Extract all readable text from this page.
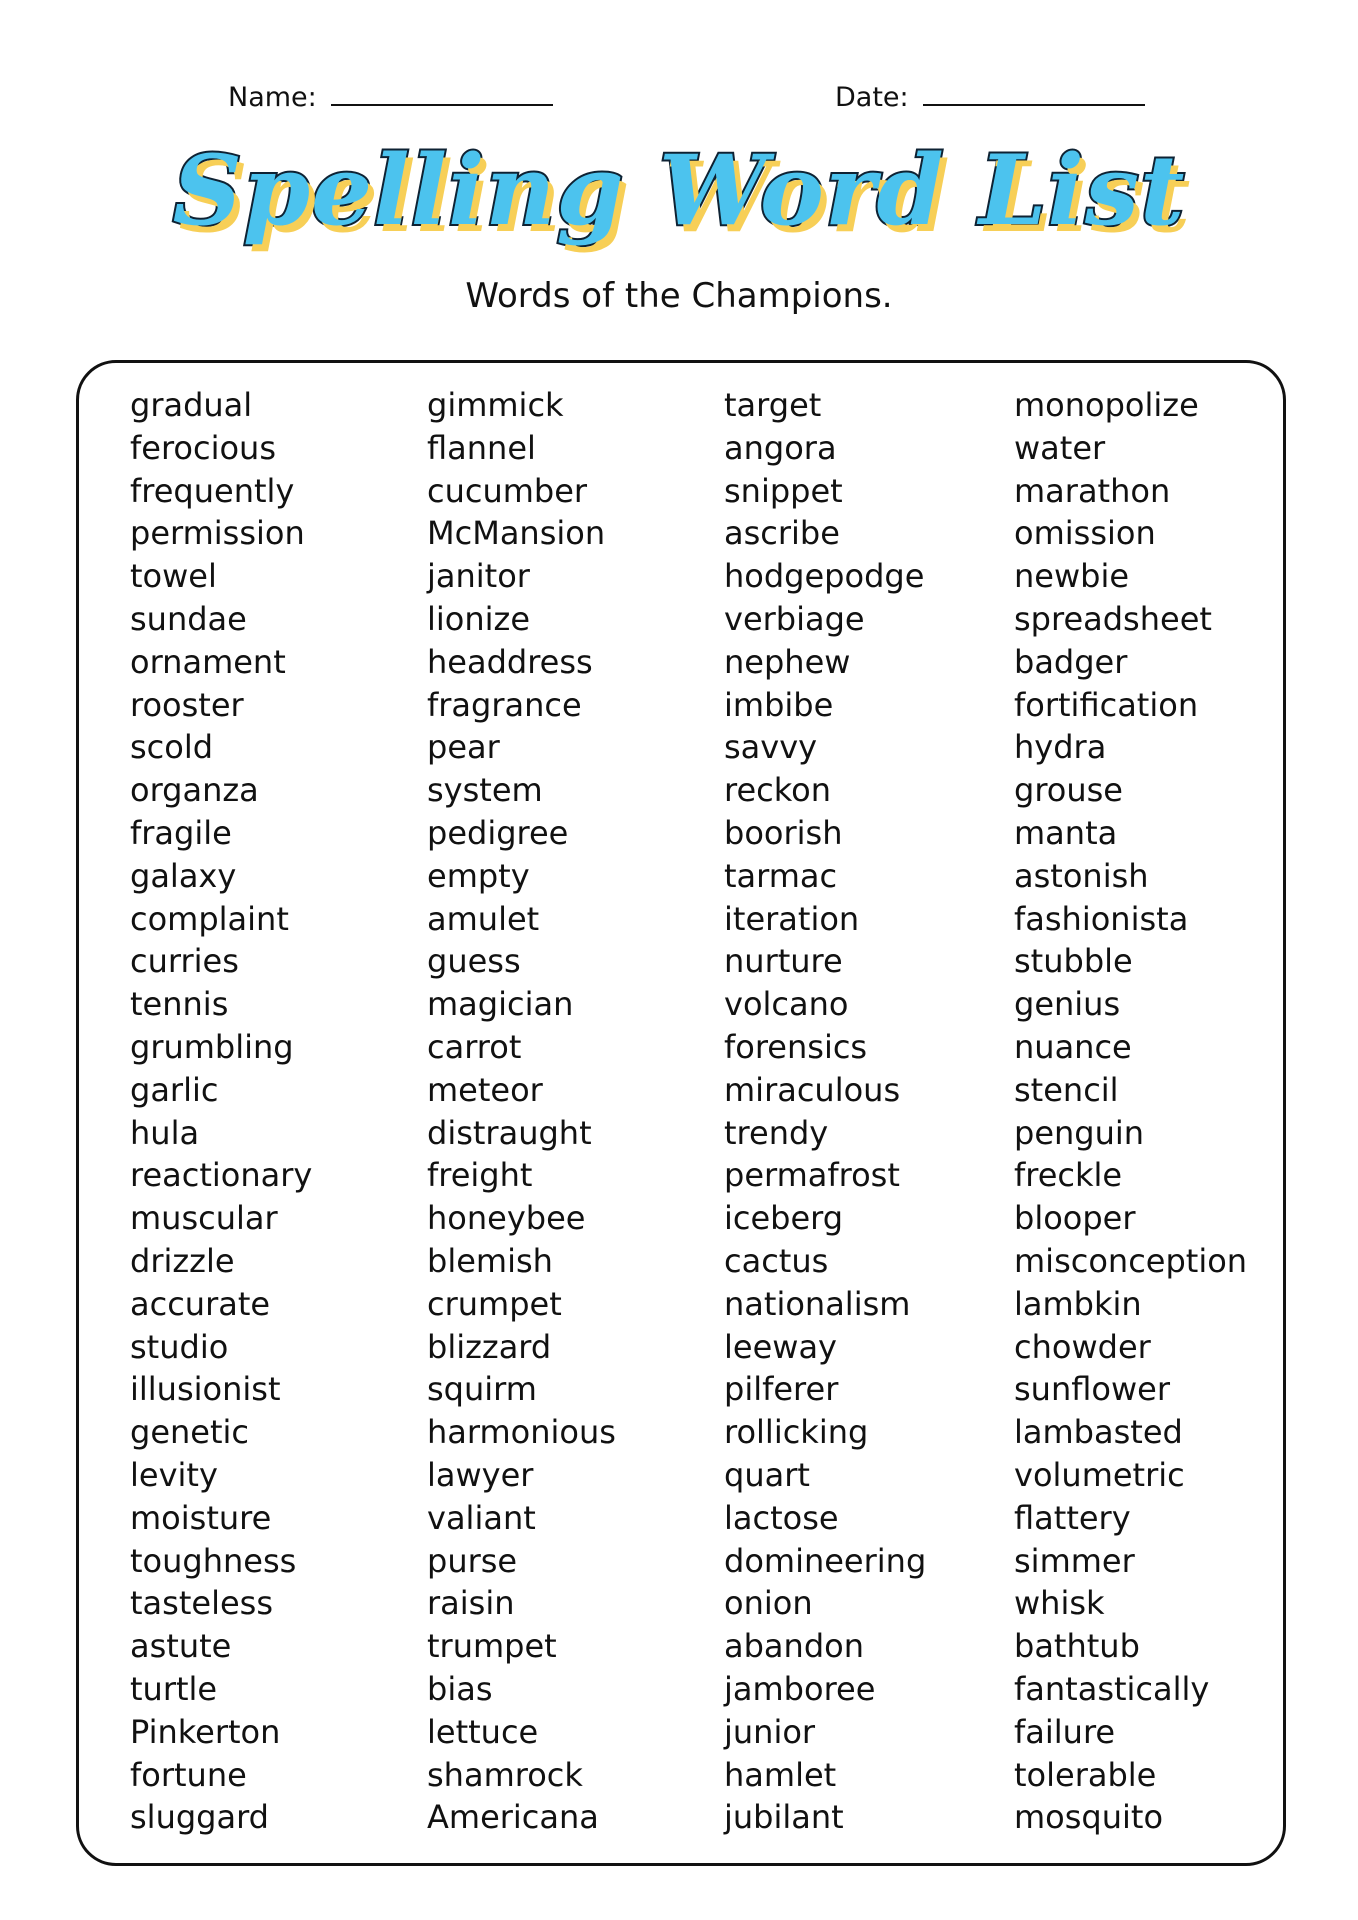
Name:	Date:
Spelling Word List
Words of the Champions.
gradual
ferocious
frequently
permission
towel
sundae
ornament
rooster
scold
organza
fragile
galaxy
complaint
curries
tennis
grumbling
garlic
hula
reactionary
muscular
drizzle
accurate
studio
illusionist
genetic
levity
moisture
toughness
tasteless
astute
turtle
Pinkerton
fortune
sluggard
gimmick
flannel
cucumber
McMansion
janitor
lionize
headdress
fragrance
pear
system
pedigree
empty
amulet
guess
magician
carrot
meteor
distraught
freight
honeybee
blemish
crumpet
blizzard
squirm
harmonious
lawyer
valiant
purse
raisin
trumpet
bias
lettuce
shamrock
Americana
target
angora
snippet
ascribe
hodgepodge
verbiage
nephew
imbibe
savvy
reckon
boorish
tarmac
iteration
nurture
volcano
forensics
miraculous
trendy
permafrost
iceberg
cactus
nationalism
leeway
pilferer
rollicking
quart
lactose
domineering
onion
abandon
jamboree
junior
hamlet
jubilant
monopolize
water
marathon
omission
newbie
spreadsheet
badger
fortification
hydra
grouse
manta
astonish
fashionista
stubble
genius
nuance
stencil
penguin
freckle
blooper
misconception
lambkin
chowder
sunflower
lambasted
volumetric
flattery
simmer
whisk
bathtub
fantastically
failure
tolerable
mosquito
